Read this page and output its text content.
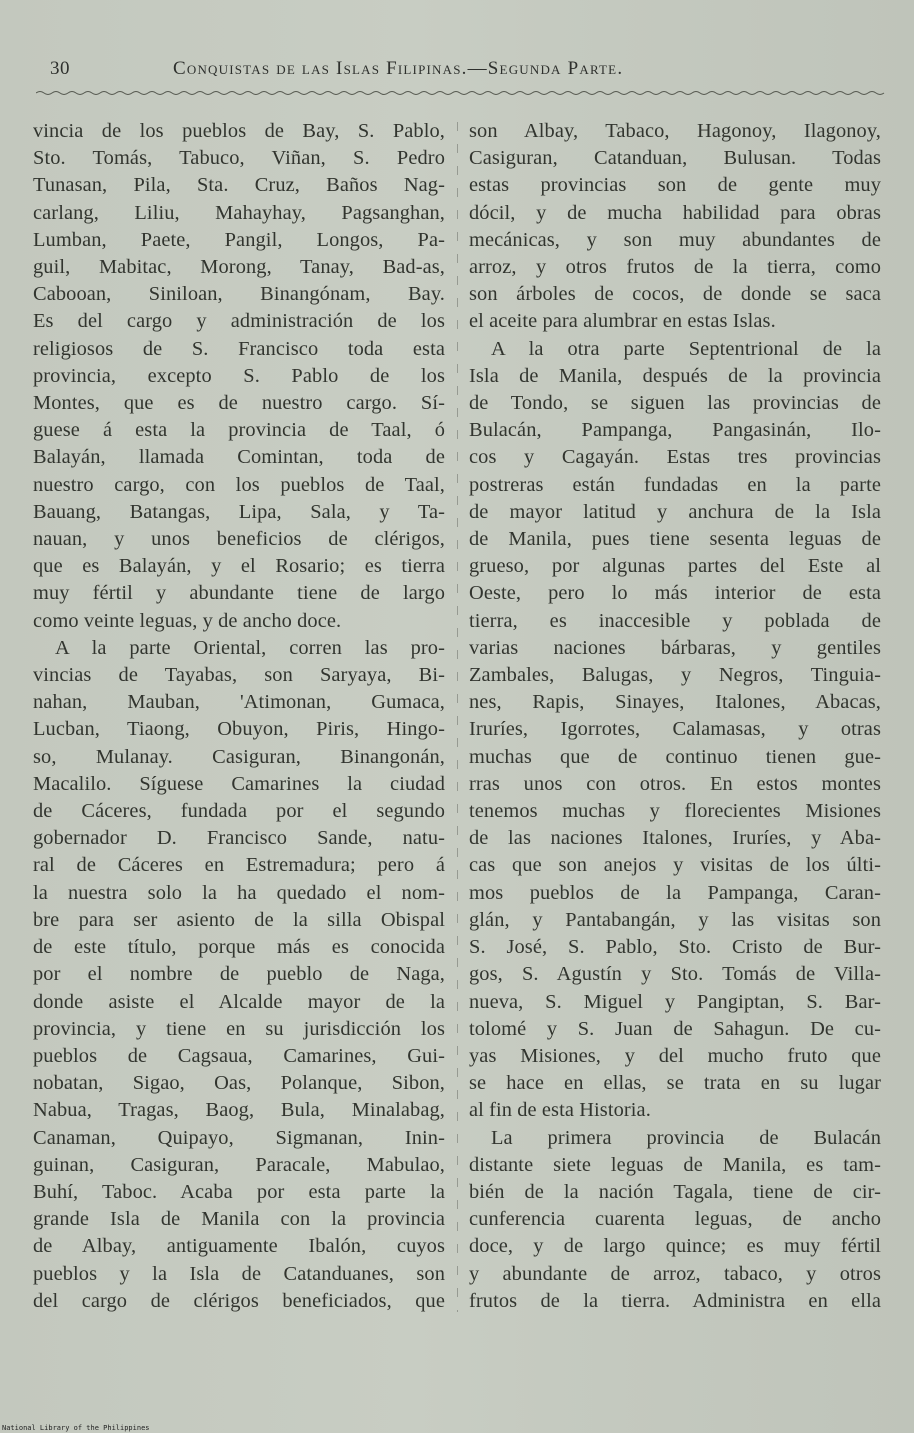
30	Conquistas de las Islas Filipinas.—Segunda Parte.
vincia de los pueblos de Bay, S. Pablo,
Sto. Tomás, Tabuco, Viñan, S. Pedro
Tunasan, Pila, Sta. Cruz, Baños Nag-
carlang, Liliu, Mahayhay, Pagsanghan,
Lumban, Paete, Pangil, Longos, Pa-
guil, Mabitac, Morong, Tanay, Bad-as,
Cabooan, Siniloan, Binangónam, Bay.
Es del cargo y administración de los
religiosos de S. Francisco toda esta
provincia, excepto S. Pablo de los
Montes, que es de nuestro cargo. Sí-
guese á esta la provincia de Taal, ó
Balayán, llamada Comintan, toda de
nuestro cargo, con los pueblos de Taal,
Bauang, Batangas, Lipa, Sala, y Ta-
nauan, y unos beneficios de clérigos,
que es Balayán, y el Rosario; es tierra
muy fértil y abundante tiene de largo
como veinte leguas, y de ancho doce.
A la parte Oriental, corren las pro-
vincias de Tayabas, son Saryaya, Bi-
nahan, Mauban, 'Atimonan, Gumaca,
Lucban, Tiaong, Obuyon, Piris, Hingo-
so, Mulanay. Casiguran, Binangonán,
Macalilo. Síguese Camarines la ciudad
de Cáceres, fundada por el segundo
gobernador D. Francisco Sande, natu-
ral de Cáceres en Estremadura; pero á
la nuestra solo la ha quedado el nom-
bre para ser asiento de la silla Obispal
de este título, porque más es conocida
por el nombre de pueblo de Naga,
donde asiste el Alcalde mayor de la
provincia, y tiene en su jurisdicción los
pueblos de Cagsaua, Camarines, Gui-
nobatan, Sigao, Oas, Polanque, Sibon,
Nabua, Tragas, Baog, Bula, Minalabag,
Canaman, Quipayo, Sigmanan, Inin-
guinan, Casiguran, Paracale, Mabulao,
Buhí, Taboc. Acaba por esta parte la
grande Isla de Manila con la provincia
de Albay, antiguamente Ibalón, cuyos
pueblos y la Isla de Catanduanes, son
del cargo de clérigos beneficiados, que
son Albay, Tabaco, Hagonoy, Ilagonoy,
Casiguran, Catanduan, Bulusan. Todas
estas provincias son de gente muy
dócil, y de mucha habilidad para obras
mecánicas, y son muy abundantes de
arroz, y otros frutos de la tierra, como
son árboles de cocos, de donde se saca
el aceite para alumbrar en estas Islas.
A la otra parte Septentrional de la
Isla de Manila, después de la provincia
de Tondo, se siguen las provincias de
Bulacán, Pampanga, Pangasinán, Ilo-
cos y Cagayán. Estas tres provincias
postreras están fundadas en la parte
de mayor latitud y anchura de la Isla
de Manila, pues tiene sesenta leguas de
grueso, por algunas partes del Este al
Oeste, pero lo más interior de esta
tierra, es inaccesible y poblada de
varias naciones bárbaras, y gentiles
Zambales, Balugas, y Negros, Tinguia-
nes, Rapis, Sinayes, Italones, Abacas,
Iruríes, Igorrotes, Calamasas, y otras
muchas que de continuo tienen gue-
rras unos con otros. En estos montes
tenemos muchas y florecientes Misiones
de las naciones Italones, Iruríes, y Aba-
cas que son anejos y visitas de los últi-
mos pueblos de la Pampanga, Caran-
glán, y Pantabangán, y las visitas son
S. José, S. Pablo, Sto. Cristo de Bur-
gos, S. Agustín y Sto. Tomás de Villa-
nueva, S. Miguel y Pangiptan, S. Bar-
tolomé y S. Juan de Sahagun. De cu-
yas Misiones, y del mucho fruto que
se hace en ellas, se trata en su lugar
al fin de esta Historia.
La primera provincia de Bulacán
distante siete leguas de Manila, es tam-
bién de la nación Tagala, tiene de cir-
cunferencia cuarenta leguas, de ancho
doce, y de largo quince; es muy fértil
y abundante de arroz, tabaco, y otros
frutos de la tierra. Administra en ella
National Library of the Philippines
